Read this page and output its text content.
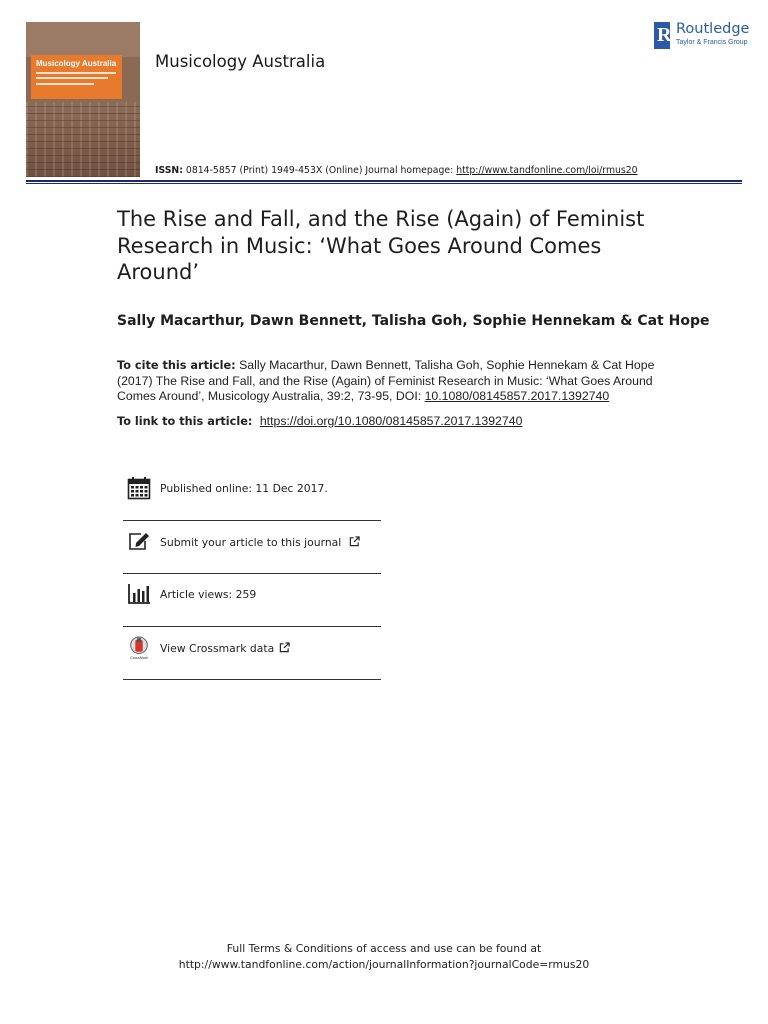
Musicology Australia Musicology Australia
R Routledge
Taylor & Francis Group
ISSN: 0814-5857 (Print) 1949-453X (Online) Journal homepage: http://www.tandfonline.com/loi/rmus20
The Rise and Fall, and the Rise (Again) of Feminist Research in Music: ‘What Goes Around Comes Around’
Sally Macarthur, Dawn Bennett, Talisha Goh, Sophie Hennekam & Cat Hope
To cite this article: Sally Macarthur, Dawn Bennett, Talisha Goh, Sophie Hennekam & Cat Hope (2017) The Rise and Fall, and the Rise (Again) of Feminist Research in Music: ‘What Goes Around Comes Around’, Musicology Australia, 39:2, 73-95, DOI: 10.1080/08145857.2017.1392740
To link to this article: https://doi.org/10.1080/08145857.2017.1392740
Published online: 11 Dec 2017.
Submit your article to this journal
Article views: 259
CrossMark
View Crossmark data
Full Terms & Conditions of access and use can be found at
http://www.tandfonline.com/action/journalInformation?journalCode=rmus20
